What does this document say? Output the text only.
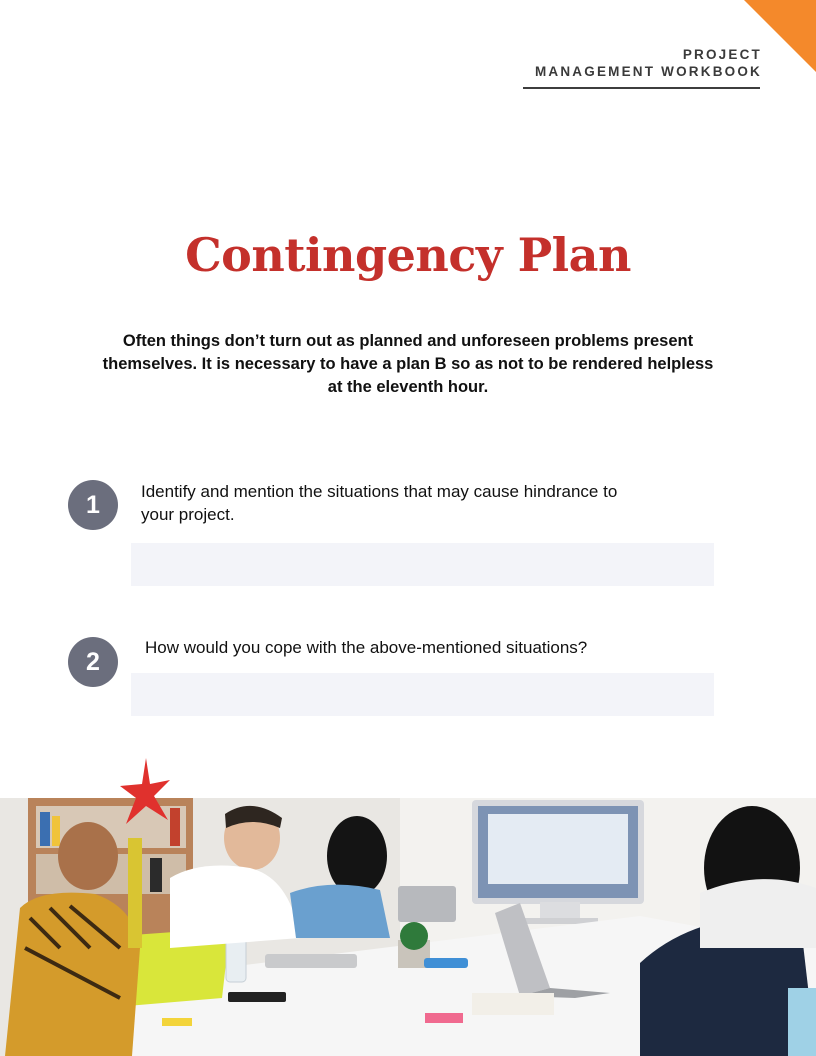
PROJECT
MANAGEMENT WORKBOOK
Contingency Plan
Often things don’t turn out as planned and unforeseen problems present themselves. It is necessary to have a plan B so as not to be rendered helpless at the eleventh hour.
1	Identify and mention the situations that may cause hindrance to your project.
2	How would you cope with the above-mentioned situations?
